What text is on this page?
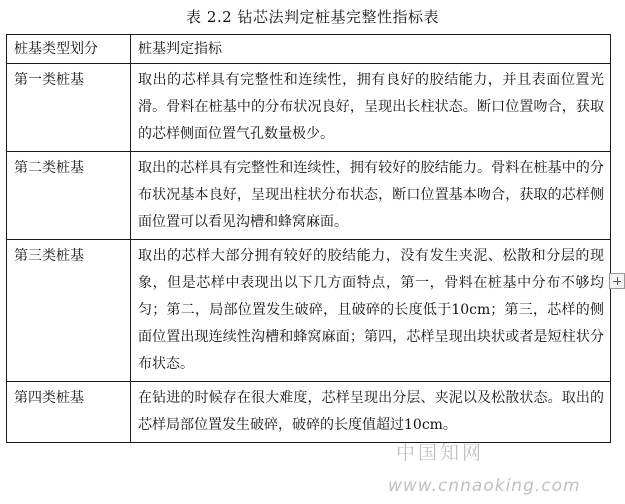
表 2.2 钻芯法判定桩基完整性指标表
桩基类型划分	桩基判定指标
第一类桩基	取出的芯样具有完整性和连续性，拥有良好的胶结能力，并且表面位置光滑。骨料在桩基中的分布状况良好，呈现出长柱状态。断口位置吻合，获取的芯样侧面位置气孔数量极少。
第二类桩基	取出的芯样具有完整性和连续性，拥有较好的胶结能力。骨料在桩基中的分布状况基本良好，呈现出柱状分布状态，断口位置基本吻合，获取的芯样侧面位置可以看见沟槽和蜂窝麻面。
第三类桩基	取出的芯样大部分拥有较好的胶结能力，没有发生夹泥、松散和分层的现象，但是芯样中表现出以下几方面特点，第一，骨料在桩基中分布不够均匀；第二，局部位置发生破碎，且破碎的长度低于10cm；第三，芯样的侧面位置出现连续性沟槽和蜂窝麻面；第四，芯样呈现出块状或者是短柱状分布状态。
第四类桩基	在钻进的时候存在很大难度，芯样呈现出分层、夹泥以及松散状态。取出的芯样局部位置发生破碎，破碎的长度值超过10cm。
中国知网
www.cnnaoking.com
